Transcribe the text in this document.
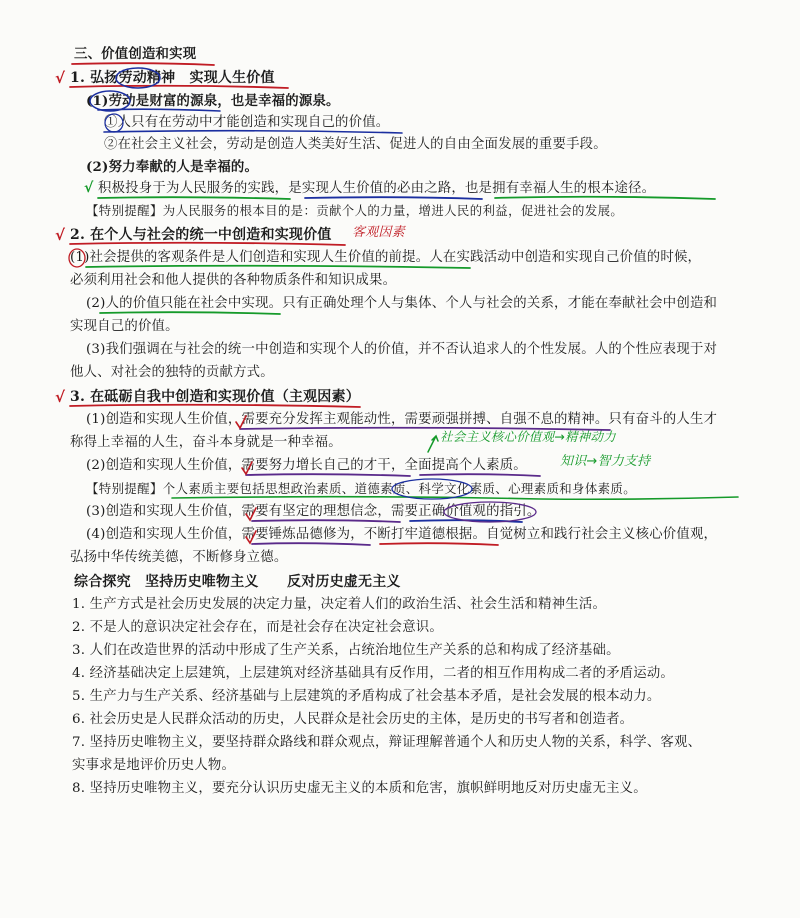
三、价值创造和实现
√ 1. 弘扬劳动精神　实现人生价值
(1)劳动是财富的源泉，也是幸福的源泉。
①人只有在劳动中才能创造和实现自己的价值。
②在社会主义社会，劳动是创造人类美好生活、促进人的自由全面发展的重要手段。
(2)努力奉献的人是幸福的。
√ 积极投身于为人民服务的实践，是实现人生价值的必由之路，也是拥有幸福人生的根本途径。
【特别提醒】为人民服务的根本目的是：贡献个人的力量，增进人民的利益，促进社会的发展。
√ 2. 在个人与社会的统一中创造和实现价值 客观因素
(1)社会提供的客观条件是人们创造和实现人生价值的前提。人在实践活动中创造和实现自己价值的时候，
必须利用社会和他人提供的各种物质条件和知识成果。
(2)人的价值只能在社会中实现。只有正确处理个人与集体、个人与社会的关系，才能在奉献社会中创造和
实现自己的价值。
(3)我们强调在与社会的统一中创造和实现个人的价值，并不否认追求人的个性发展。人的个性应表现于对
他人、对社会的独特的贡献方式。
√ 3. 在砥砺自我中创造和实现价值（主观因素）
(1)创造和实现人生价值，需要充分发挥主观能动性，需要顽强拼搏、自强不息的精神。只有奋斗的人生才
称得上幸福的人生，奋斗本身就是一种幸福。	社会主义核心价值观→精神动力
(2)创造和实现人生价值，需要努力增长自己的才干，全面提高个人素质。	知识→智力支持
【特别提醒】个人素质主要包括思想政治素质、道德素质、科学文化素质、心理素质和身体素质。
(3)创造和实现人生价值，需要有坚定的理想信念，需要正确价值观的指引。
(4)创造和实现人生价值，需要锤炼品德修为，不断打牢道德根据。自觉树立和践行社会主义核心价值观，
弘扬中华传统美德，不断修身立德。
综合探究　坚持历史唯物主义　　反对历史虚无主义
1. 生产方式是社会历史发展的决定力量，决定着人们的政治生活、社会生活和精神生活。
2. 不是人的意识决定社会存在，而是社会存在决定社会意识。
3. 人们在改造世界的活动中形成了生产关系，占统治地位生产关系的总和构成了经济基础。
4. 经济基础决定上层建筑，上层建筑对经济基础具有反作用，二者的相互作用构成二者的矛盾运动。
5. 生产力与生产关系、经济基础与上层建筑的矛盾构成了社会基本矛盾，是社会发展的根本动力。
6. 社会历史是人民群众活动的历史，人民群众是社会历史的主体，是历史的书写者和创造者。
7. 坚持历史唯物主义，要坚持群众路线和群众观点，辩证理解普通个人和历史人物的关系，科学、客观、
实事求是地评价历史人物。
8. 坚持历史唯物主义，要充分认识历史虚无主义的本质和危害，旗帜鲜明地反对历史虚无主义。
